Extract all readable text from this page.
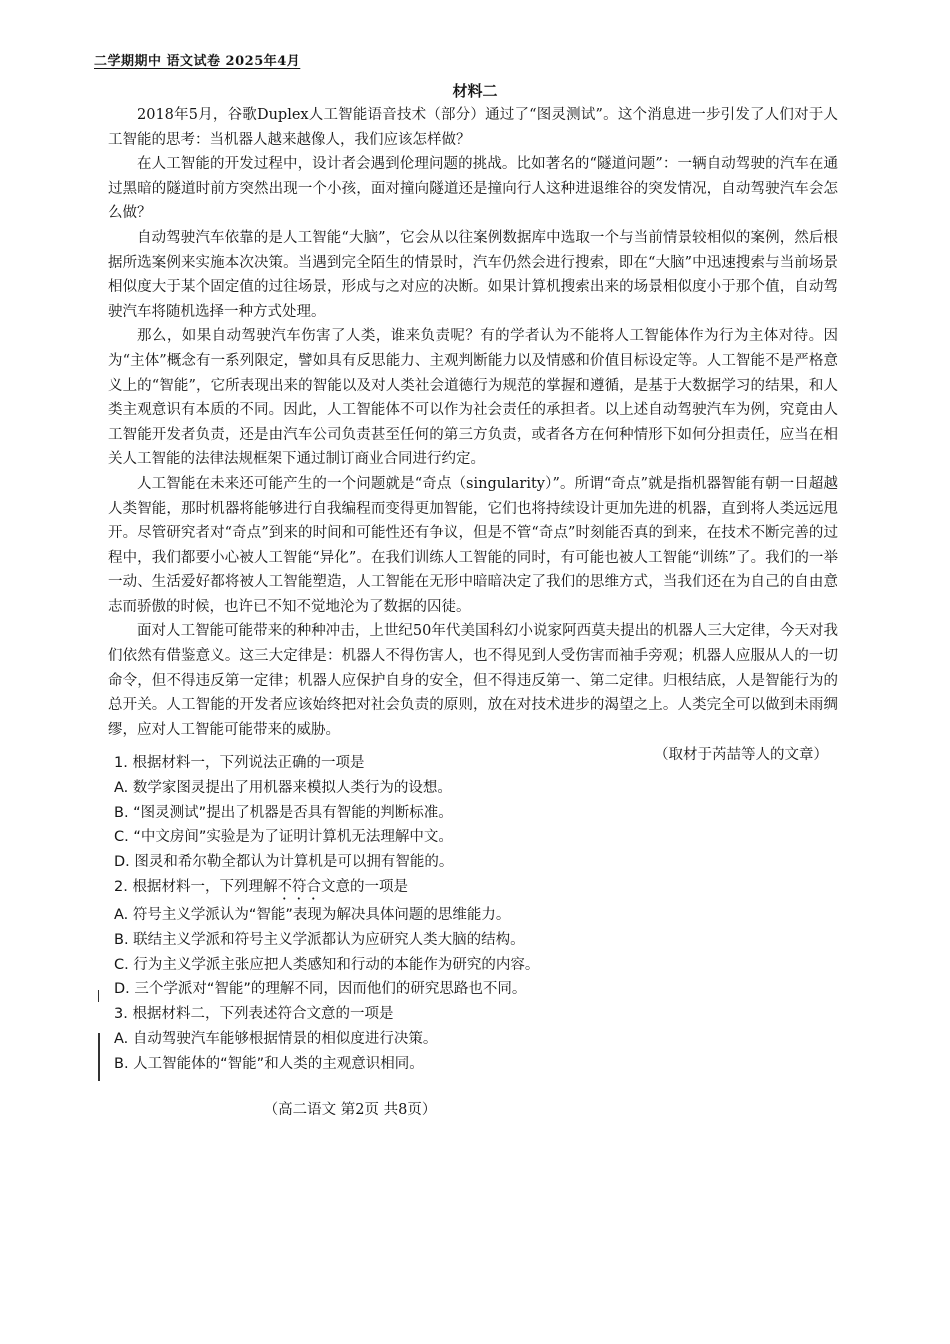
二学期期中 语文试卷 2025年4月
材料二

2018年5月，谷歌Duplex人工智能语音技术（部分）通过了“图灵测试”。这个消息进一步引发了人们对于人工智能的思考：当机器人越来越像人，我们应该怎样做？

在人工智能的开发过程中，设计者会遇到伦理问题的挑战。比如著名的“隧道问题”：一辆自动驾驶的汽车在通过黑暗的隧道时前方突然出现一个小孩，面对撞向隧道还是撞向行人这种进退维谷的突发情况，自动驾驶汽车会怎么做？

自动驾驶汽车依靠的是人工智能“大脑”，它会从以往案例数据库中选取一个与当前情景较相似的案例，然后根据所选案例来实施本次决策。当遇到完全陌生的情景时，汽车仍然会进行搜索，即在“大脑”中迅速搜索与当前场景相似度大于某个固定值的过往场景，形成与之对应的决断。如果计算机搜索出来的场景相似度小于那个值，自动驾驶汽车将随机选择一种方式处理。

那么，如果自动驾驶汽车伤害了人类，谁来负责呢？有的学者认为不能将人工智能体作为行为主体对待。因为“主体”概念有一系列限定，譬如具有反思能力、主观判断能力以及情感和价值目标设定等。人工智能不是严格意义上的“智能”，它所表现出来的智能以及对人类社会道德行为规范的掌握和遵循，是基于大数据学习的结果，和人类主观意识有本质的不同。因此，人工智能体不可以作为社会责任的承担者。以上述自动驾驶汽车为例，究竟由人工智能开发者负责，还是由汽车公司负责甚至任何的第三方负责，或者各方在何种情形下如何分担责任，应当在相关人工智能的法律法规框架下通过制订商业合同进行约定。

人工智能在未来还可能产生的一个问题就是“奇点（singularity）”。所谓“奇点”就是指机器智能有朝一日超越人类智能，那时机器将能够进行自我编程而变得更加智能，它们也将持续设计更加先进的机器，直到将人类远远甩开。尽管研究者对“奇点”到来的时间和可能性还有争议，但是不管“奇点”时刻能否真的到来，在技术不断完善的过程中，我们都要小心被人工智能“异化”。在我们训练人工智能的同时，有可能也被人工智能“训练”了。我们的一举一动、生活爱好都将被人工智能塑造，人工智能在无形中暗暗决定了我们的思维方式，当我们还在为自己的自由意志而骄傲的时候，也许已不知不觉地沦为了数据的囚徒。

面对人工智能可能带来的种种冲击，上世纪50年代美国科幻小说家阿西莫夫提出的机器人三大定律，今天对我们依然有借鉴意义。这三大定律是：机器人不得伤害人，也不得见到人受伤害而袖手旁观；机器人应服从人的一切命令，但不得违反第一定律；机器人应保护自身的安全，但不得违反第一、第二定律。归根结底，人是智能行为的总开关。人工智能的开发者应该始终把对社会负责的原则，放在对技术进步的渴望之上。人类完全可以做到未雨绸缪，应对人工智能可能带来的威胁。

（取材于芮喆等人的文章）
1. 根据材料一，下列说法正确的一项是
A. 数学家图灵提出了用机器来模拟人类行为的设想。
B. “图灵测试”提出了机器是否具有智能的判断标准。
C. “中文房间”实验是为了证明计算机无法理解中文。
D. 图灵和希尔勒全都认为计算机是可以拥有智能的。
2. 根据材料一，下列理解不符合文意的一项是
A. 符号主义学派认为“智能”表现为解决具体问题的思维能力。
B. 联结主义学派和符号主义学派都认为应研究人类大脑的结构。
C. 行为主义学派主张应把人类感知和行动的本能作为研究的内容。
D. 三个学派对“智能”的理解不同，因而他们的研究思路也不同。
3. 根据材料二，下列表述符合文意的一项是
A. 自动驾驶汽车能够根据情景的相似度进行决策。
B. 人工智能体的“智能”和人类的主观意识相同。
（高二语文 第2页 共8页）
